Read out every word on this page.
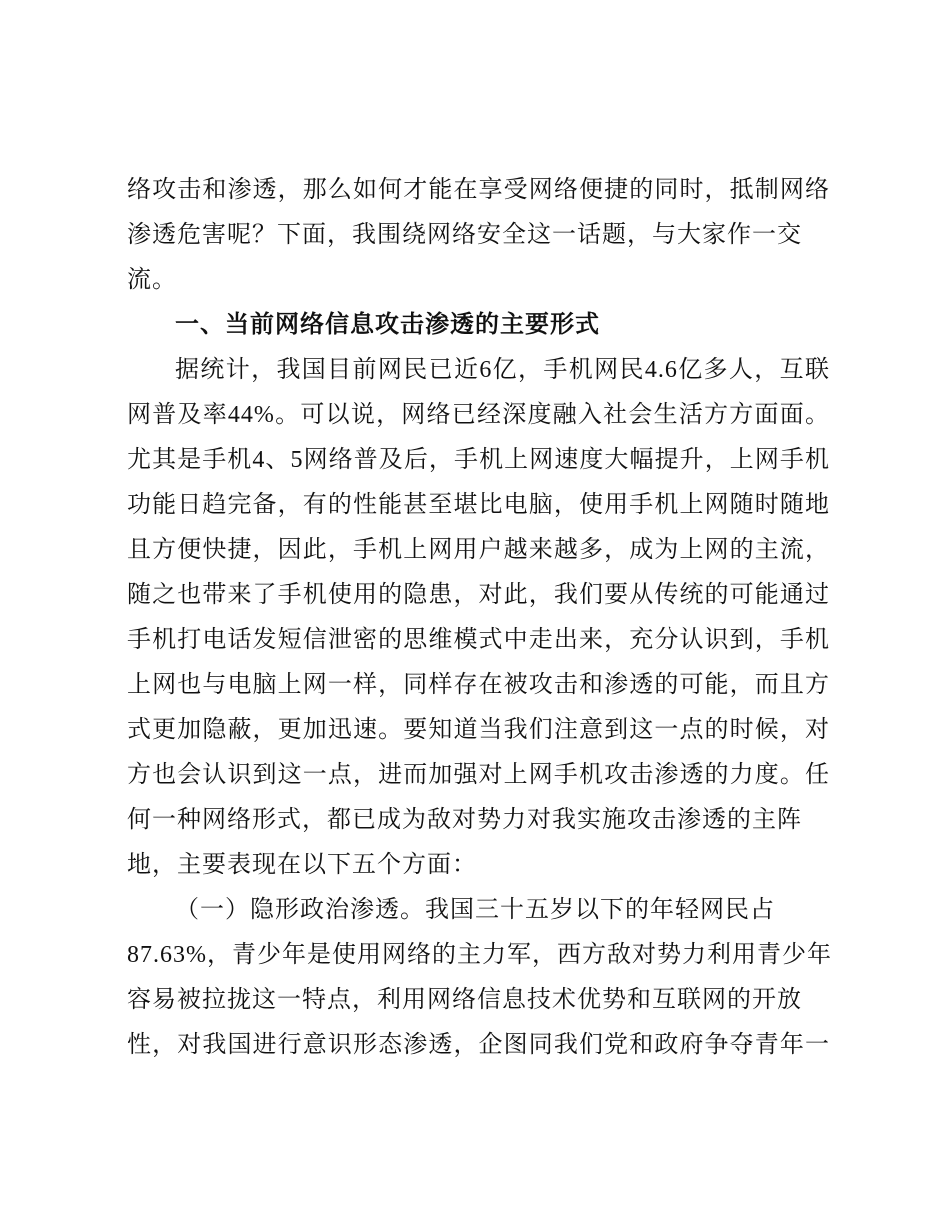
络攻击和渗透，那么如何才能在享受网络便捷的同时，抵制网络
渗透危害呢？下面，我围绕网络安全这一话题，与大家作一交
流。
一、当前网络信息攻击渗透的主要形式
据统计，我国目前网民已近6亿，手机网民4.6亿多人，互联
网普及率44%。可以说，网络已经深度融入社会生活方方面面。
尤其是手机4、5网络普及后，手机上网速度大幅提升，上网手机
功能日趋完备，有的性能甚至堪比电脑，使用手机上网随时随地
且方便快捷，因此，手机上网用户越来越多，成为上网的主流，
随之也带来了手机使用的隐患，对此，我们要从传统的可能通过
手机打电话发短信泄密的思维模式中走出来，充分认识到，手机
上网也与电脑上网一样，同样存在被攻击和渗透的可能，而且方
式更加隐蔽，更加迅速。要知道当我们注意到这一点的时候，对
方也会认识到这一点，进而加强对上网手机攻击渗透的力度。任
何一种网络形式，都已成为敌对势力对我实施攻击渗透的主阵
地，主要表现在以下五个方面：
（一）隐形政治渗透。我国三十五岁以下的年轻网民占
87.63%，青少年是使用网络的主力军，西方敌对势力利用青少年
容易被拉拢这一特点，利用网络信息技术优势和互联网的开放
性，对我国进行意识形态渗透，企图同我们党和政府争夺青年一
